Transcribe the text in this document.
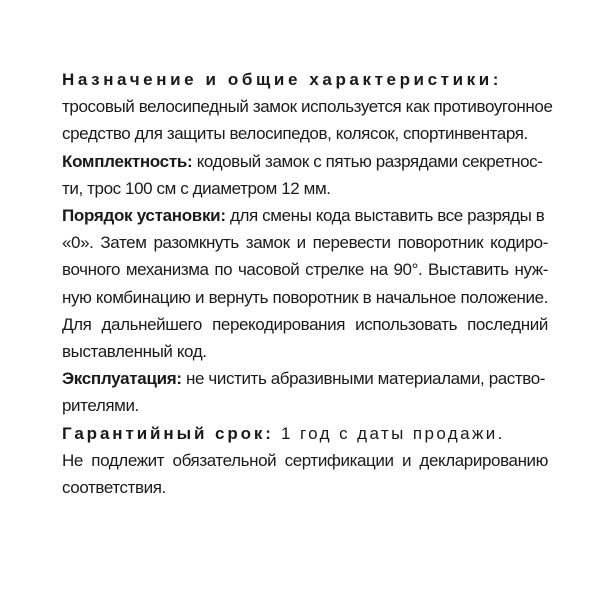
Назначение и общие характеристики:
тросовый велосипедный замок используется как противоугонное
средство для защиты велосипедов, колясок, спортинвентаря.
Комплектность: кодовый замок с пятью разрядами секретнос-
ти, трос 100 см с диаметром 12 мм.
Порядок установки: для смены кода выставить все разряды в
«0». Затем разомкнуть замок и перевести поворотник кодиро-
вочного механизма по часовой стрелке на 90°. Выставить нуж-
ную комбинацию и вернуть поворотник в начальное положение.
Для дальнейшего перекодирования использовать последний
выставленный код.
Эксплуатация: не чистить абразивными материалами, раство-
рителями.
Гарантийный срок: 1 год с даты продажи.
Не подлежит обязательной сертификации и декларированию
соответствия.
